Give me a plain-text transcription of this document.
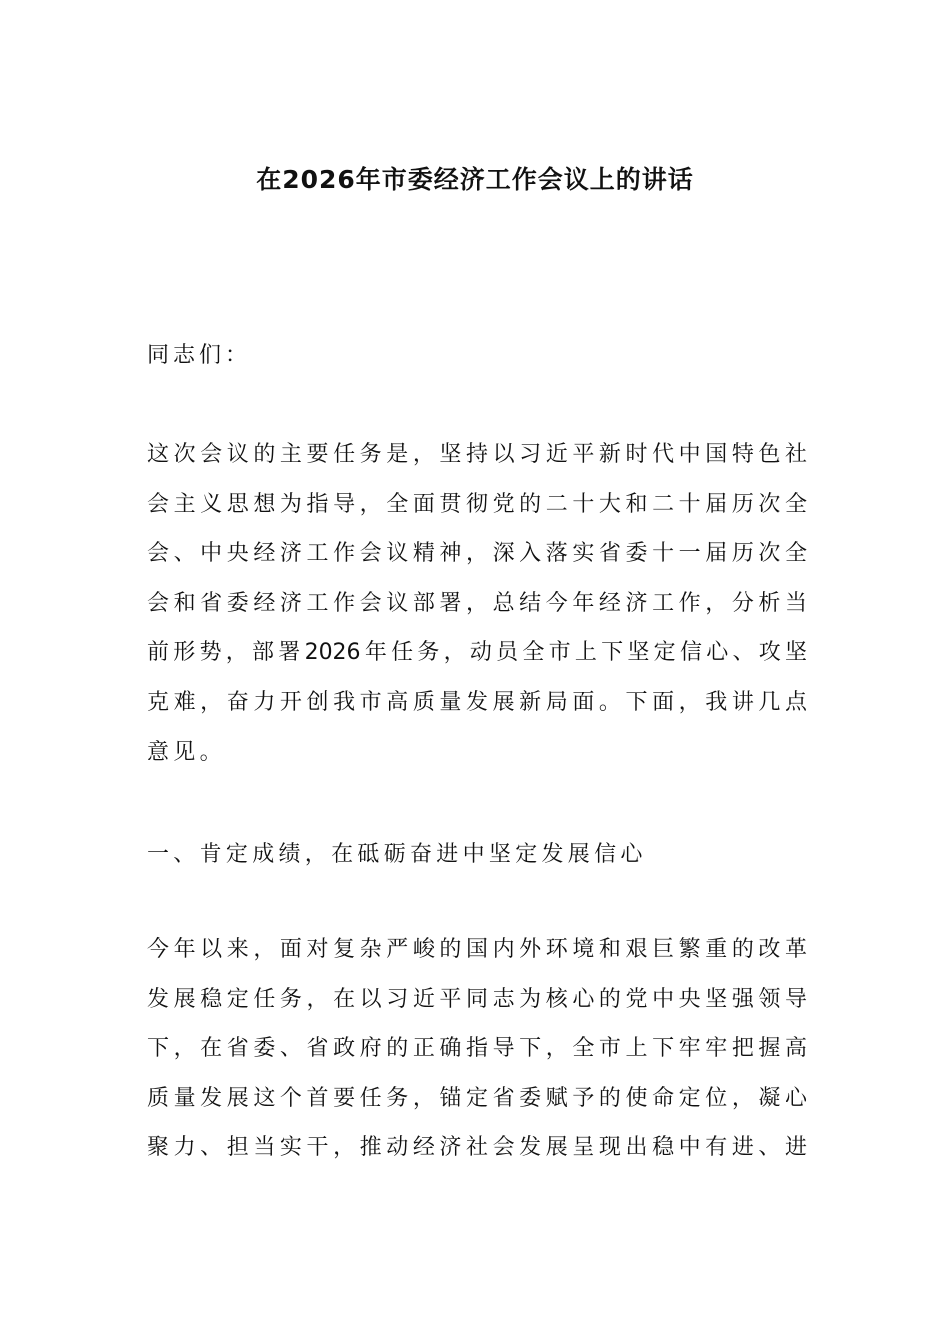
在2026年市委经济工作会议上的讲话
同志们：
这次会议的主要任务是，坚持以习近平新时代中国特色社
会主义思想为指导，全面贯彻党的二十大和二十届历次全
会、中央经济工作会议精神，深入落实省委十一届历次全
会和省委经济工作会议部署，总结今年经济工作，分析当
前形势，部署2026年任务，动员全市上下坚定信心、攻坚
克难，奋力开创我市高质量发展新局面。下面，我讲几点
意见。
一、肯定成绩，在砥砺奋进中坚定发展信心
今年以来，面对复杂严峻的国内外环境和艰巨繁重的改革
发展稳定任务，在以习近平同志为核心的党中央坚强领导
下，在省委、省政府的正确指导下，全市上下牢牢把握高
质量发展这个首要任务，锚定省委赋予的使命定位，凝心
聚力、担当实干，推动经济社会发展呈现出稳中有进、进
